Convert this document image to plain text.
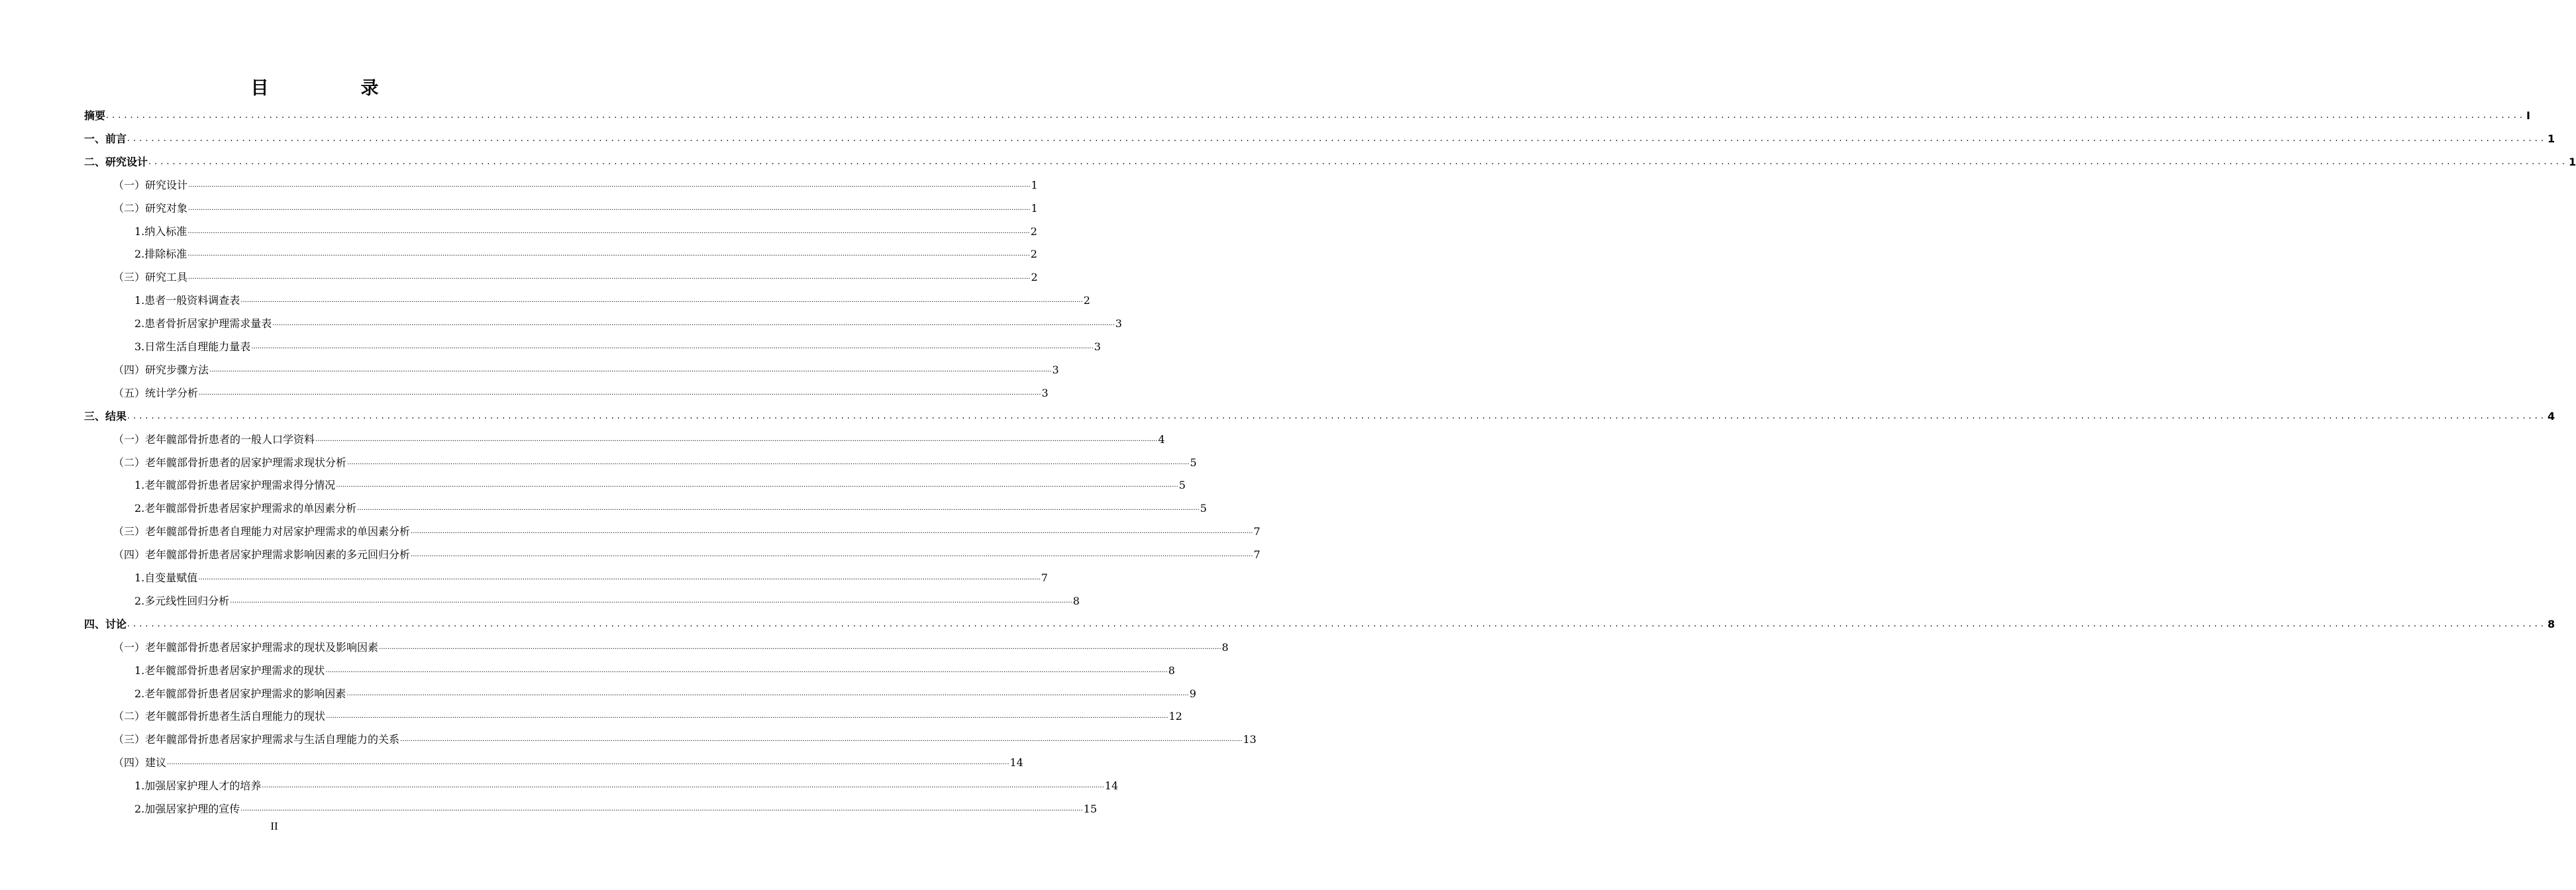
目　录
摘要 ................................................................................................................................................................................................................................................................................................................................................................................................................ I
一、前言 ................................................................................................................................................................................................................................................................................................................................................................................................................ 1
二、研究设计 ................................................................................................................................................................................................................................................................................................................................................................................................................ 1
（一）研究设计 ................................................................................................................................................................................................................................................................................................................................................................................................................ 1
（二）研究对象 ................................................................................................................................................................................................................................................................................................................................................................................................................ 1
1.纳入标准 ................................................................................................................................................................................................................................................................................................................................................................................................................ 2
2.排除标准 ................................................................................................................................................................................................................................................................................................................................................................................................................ 2
（三）研究工具 ................................................................................................................................................................................................................................................................................................................................................................................................................ 2
1.患者一般资料调查表 ................................................................................................................................................................................................................................................................................................................................................................................................................ 2
2.患者骨折居家护理需求量表 ................................................................................................................................................................................................................................................................................................................................................................................................................ 3
3.日常生活自理能力量表 ................................................................................................................................................................................................................................................................................................................................................................................................................ 3
（四）研究步骤方法 ................................................................................................................................................................................................................................................................................................................................................................................................................ 3
（五）统计学分析 ................................................................................................................................................................................................................................................................................................................................................................................................................ 3
三、结果 ................................................................................................................................................................................................................................................................................................................................................................................................................ 4
（一）老年髋部骨折患者的一般人口学资料 ................................................................................................................................................................................................................................................................................................................................................................................................................ 4
（二）老年髋部骨折患者的居家护理需求现状分析 ................................................................................................................................................................................................................................................................................................................................................................................................................ 5
1.老年髋部骨折患者居家护理需求得分情况 ................................................................................................................................................................................................................................................................................................................................................................................................................ 5
2.老年髋部骨折患者居家护理需求的单因素分析 ................................................................................................................................................................................................................................................................................................................................................................................................................ 5
（三）老年髋部骨折患者自理能力对居家护理需求的单因素分析 ................................................................................................................................................................................................................................................................................................................................................................................................................ 7
（四）老年髋部骨折患者居家护理需求影响因素的多元回归分析 ................................................................................................................................................................................................................................................................................................................................................................................................................ 7
1.自变量赋值 ................................................................................................................................................................................................................................................................................................................................................................................................................ 7
2.多元线性回归分析 ................................................................................................................................................................................................................................................................................................................................................................................................................ 8
四、讨论 ................................................................................................................................................................................................................................................................................................................................................................................................................ 8
（一）老年髋部骨折患者居家护理需求的现状及影响因素 ................................................................................................................................................................................................................................................................................................................................................................................................................ 8
1.老年髋部骨折患者居家护理需求的现状 ................................................................................................................................................................................................................................................................................................................................................................................................................ 8
2.老年髋部骨折患者居家护理需求的影响因素 ................................................................................................................................................................................................................................................................................................................................................................................................................ 9
（二）老年髋部骨折患者生活自理能力的现状 ................................................................................................................................................................................................................................................................................................................................................................................................................ 12
（三）老年髋部骨折患者居家护理需求与生活自理能力的关系 ................................................................................................................................................................................................................................................................................................................................................................................................................ 13
（四）建议 ................................................................................................................................................................................................................................................................................................................................................................................................................ 14
1.加强居家护理人才的培养 ................................................................................................................................................................................................................................................................................................................................................................................................................ 14
2.加强居家护理的宣传 ................................................................................................................................................................................................................................................................................................................................................................................................................ 15
II
